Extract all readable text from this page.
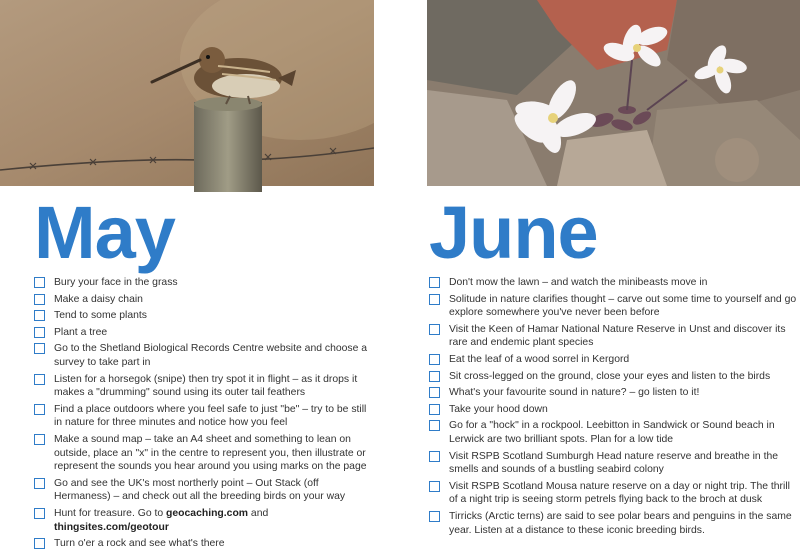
May
Bury your face in the grass
Make a daisy chain
Tend to some plants
Plant a tree
Go to the Shetland Biological Records Centre website and choose a survey to take part in
Listen for a horsegok (snipe) then try spot it in flight – as it drops it makes a "drumming" sound using its outer tail feathers
Find a place outdoors where you feel safe to just "be" – try to be still in nature for three minutes and notice how you feel
Make a sound map – take an A4 sheet and something to lean on outside, place an "x" in the centre to represent you, then illustrate or represent the sounds you hear around you using marks on the page
Go and see the UK's most northerly point – Out Stack (off Hermaness) – and check out all the breeding birds on your way
Hunt for treasure. Go to geocaching.com and thingsites.com/geotour
Turn o'er a rock and see what's there
June
Don't mow the lawn – and watch the minibeasts move in
Solitude in nature clarifies thought – carve out some time to yourself and go explore somewhere you've never been before
Visit the Keen of Hamar National Nature Reserve in Unst and discover its rare and endemic plant species
Eat the leaf of a wood sorrel in Kergord
Sit cross-legged on the ground, close your eyes and listen to the birds
What's your favourite sound in nature? – go listen to it!
Take your hood down
Go for a "hock" in a rockpool. Leebitton in Sandwick or Sound beach in Lerwick are two brilliant spots. Plan for a low tide
Visit RSPB Scotland Sumburgh Head nature reserve and breathe in the smells and sounds of a bustling seabird colony
Visit RSPB Scotland Mousa nature reserve on a day or night trip. The thrill of a night trip is seeing storm petrels flying back to the broch at dusk
Tirricks (Arctic terns) are said to see polar bears and penguins in the same year. Listen at a distance to these iconic breeding birds.
